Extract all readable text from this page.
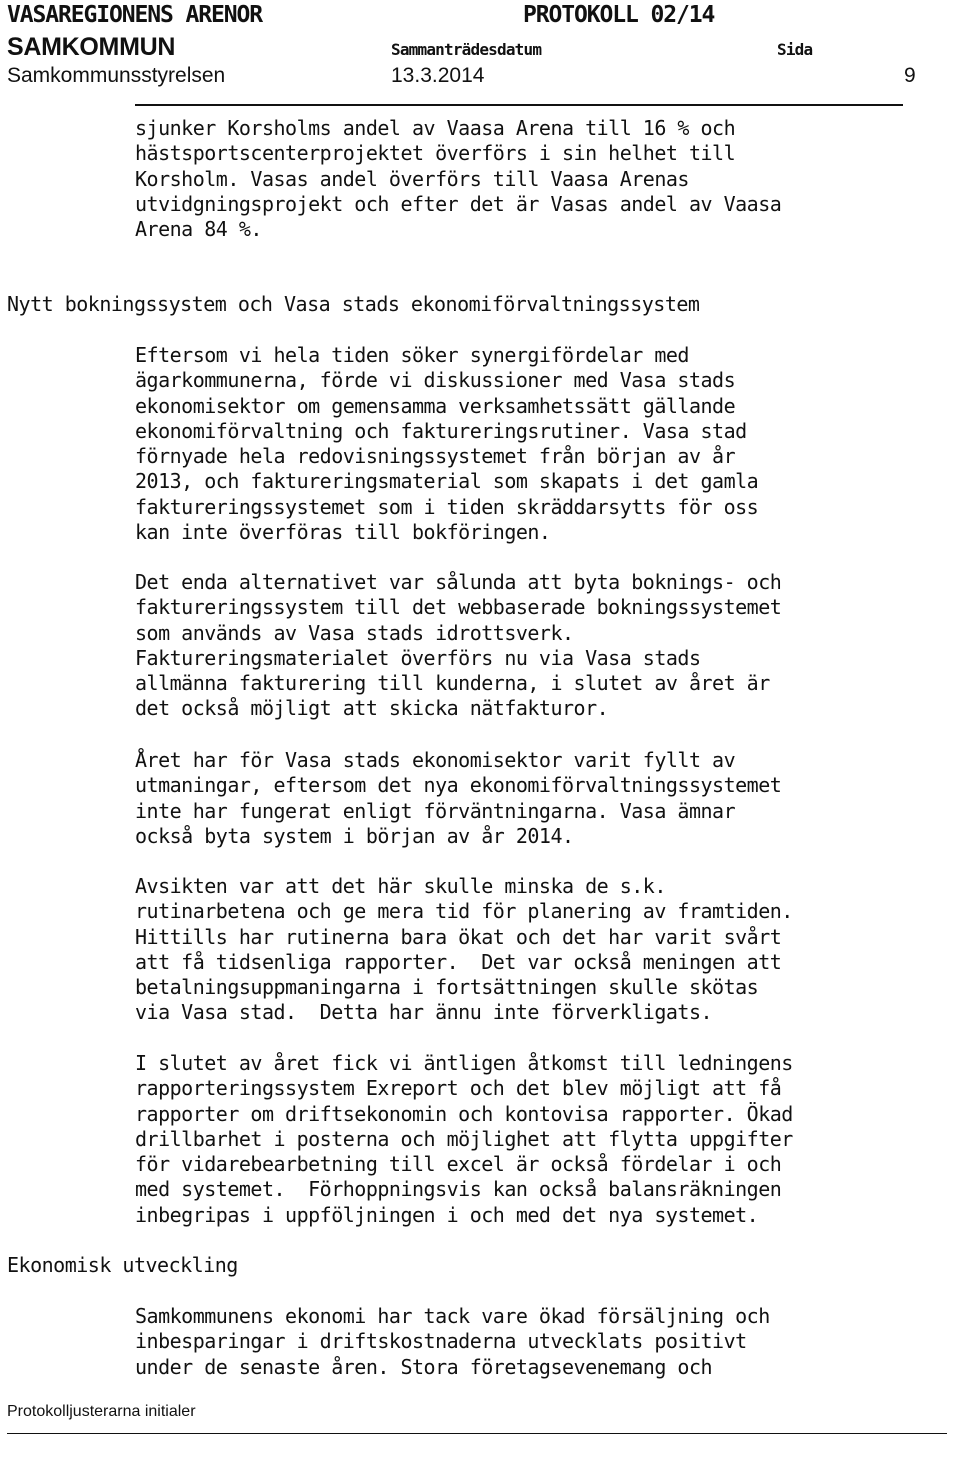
VASAREGIONENS ARENOR	PROTOKOLL 02/14
SAMKOMMUN	Sammanträdesdatum	Sida
Samkommunsstyrelsen	13.3.2014	9

sjunker Korsholms andel av Vaasa Arena till 16 % och
hästsportscenterprojektet överförs i sin helhet till
Korsholm. Vasas andel överförs till Vaasa Arenas
utvidgningsprojekt och efter det är Vasas andel av Vaasa
Arena 84 %.

Nytt bokningssystem och Vasa stads ekonomiförvaltningssystem

Eftersom vi hela tiden söker synergifördelar med
ägarkommunerna, förde vi diskussioner med Vasa stads
ekonomisektor om gemensamma verksamhetssätt gällande
ekonomiförvaltning och faktureringsrutiner. Vasa stad
förnyade hela redovisningssystemet från början av år
2013, och faktureringsmaterial som skapats i det gamla
faktureringssystemet som i tiden skräddarsytts för oss
kan inte överföras till bokföringen.

Det enda alternativet var sålunda att byta boknings- och
faktureringssystem till det webbaserade bokningssystemet
som används av Vasa stads idrottsverk.
Faktureringsmaterialet överförs nu via Vasa stads
allmänna fakturering till kunderna, i slutet av året är
det också möjligt att skicka nätfakturor.

Året har för Vasa stads ekonomisektor varit fyllt av
utmaningar, eftersom det nya ekonomiförvaltningssystemet
inte har fungerat enligt förväntningarna. Vasa ämnar
också byta system i början av år 2014.

Avsikten var att det här skulle minska de s.k.
rutinarbetena och ge mera tid för planering av framtiden.
Hittills har rutinerna bara ökat och det har varit svårt
att få tidsenliga rapporter.  Det var också meningen att
betalningsuppmaningarna i fortsättningen skulle skötas
via Vasa stad.  Detta har ännu inte förverkligats.

I slutet av året fick vi äntligen åtkomst till ledningens
rapporteringssystem Exreport och det blev möjligt att få
rapporter om driftsekonomin och kontovisa rapporter. Ökad
drillbarhet i posterna och möjlighet att flytta uppgifter
för vidarebearbetning till excel är också fördelar i och
med systemet.  Förhoppningsvis kan också balansräkningen
inbegripas i uppföljningen i och med det nya systemet.

Ekonomisk utveckling

Samkommunens ekonomi har tack vare ökad försäljning och
inbesparingar i driftskostnaderna utvecklats positivt
under de senaste åren. Stora företagsevenemang och

Protokolljusterarna initialer
